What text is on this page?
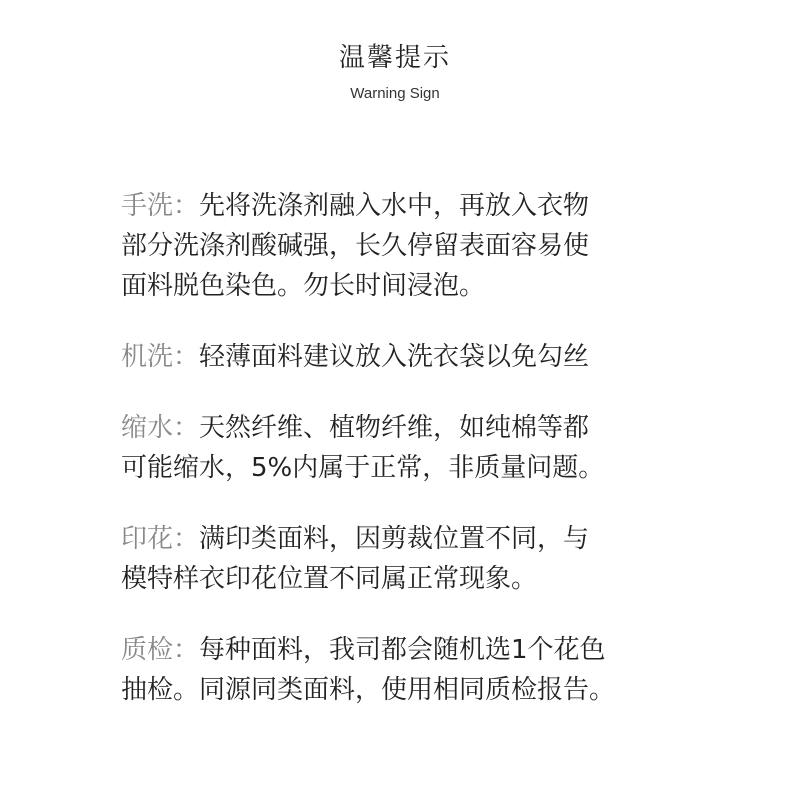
温馨提示
Warning Sign
手洗：先将洗涤剂融入水中，再放入衣物
部分洗涤剂酸碱强，长久停留表面容易使
面料脱色染色。勿长时间浸泡。
机洗：轻薄面料建议放入洗衣袋以免勾丝
缩水：天然纤维、植物纤维，如纯棉等都
可能缩水，5%内属于正常，非质量问题。
印花：满印类面料，因剪裁位置不同，与
模特样衣印花位置不同属正常现象。
质检：每种面料，我司都会随机选1个花色
抽检。同源同类面料，使用相同质检报告。
